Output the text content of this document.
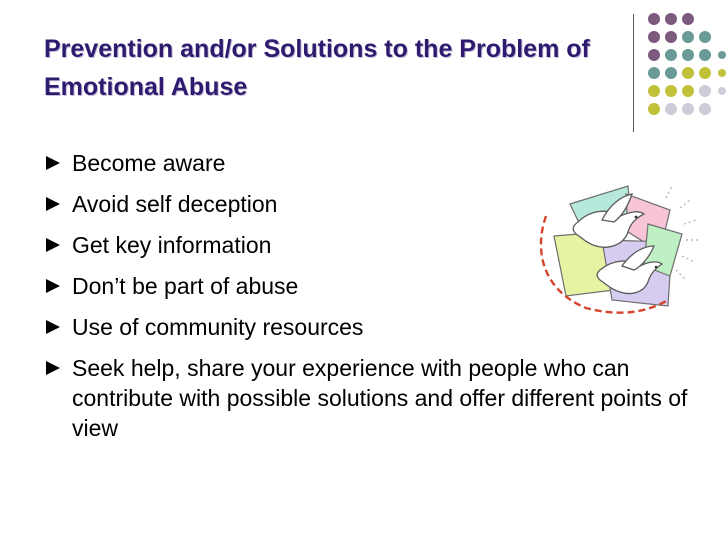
Prevention and/or Solutions to the Problem of Emotional Abuse
Become aware
Avoid self deception
Get key information
Don’t be part of abuse
Use of community resources
Seek help, share your experience with people who can contribute with possible solutions and offer different points of view
